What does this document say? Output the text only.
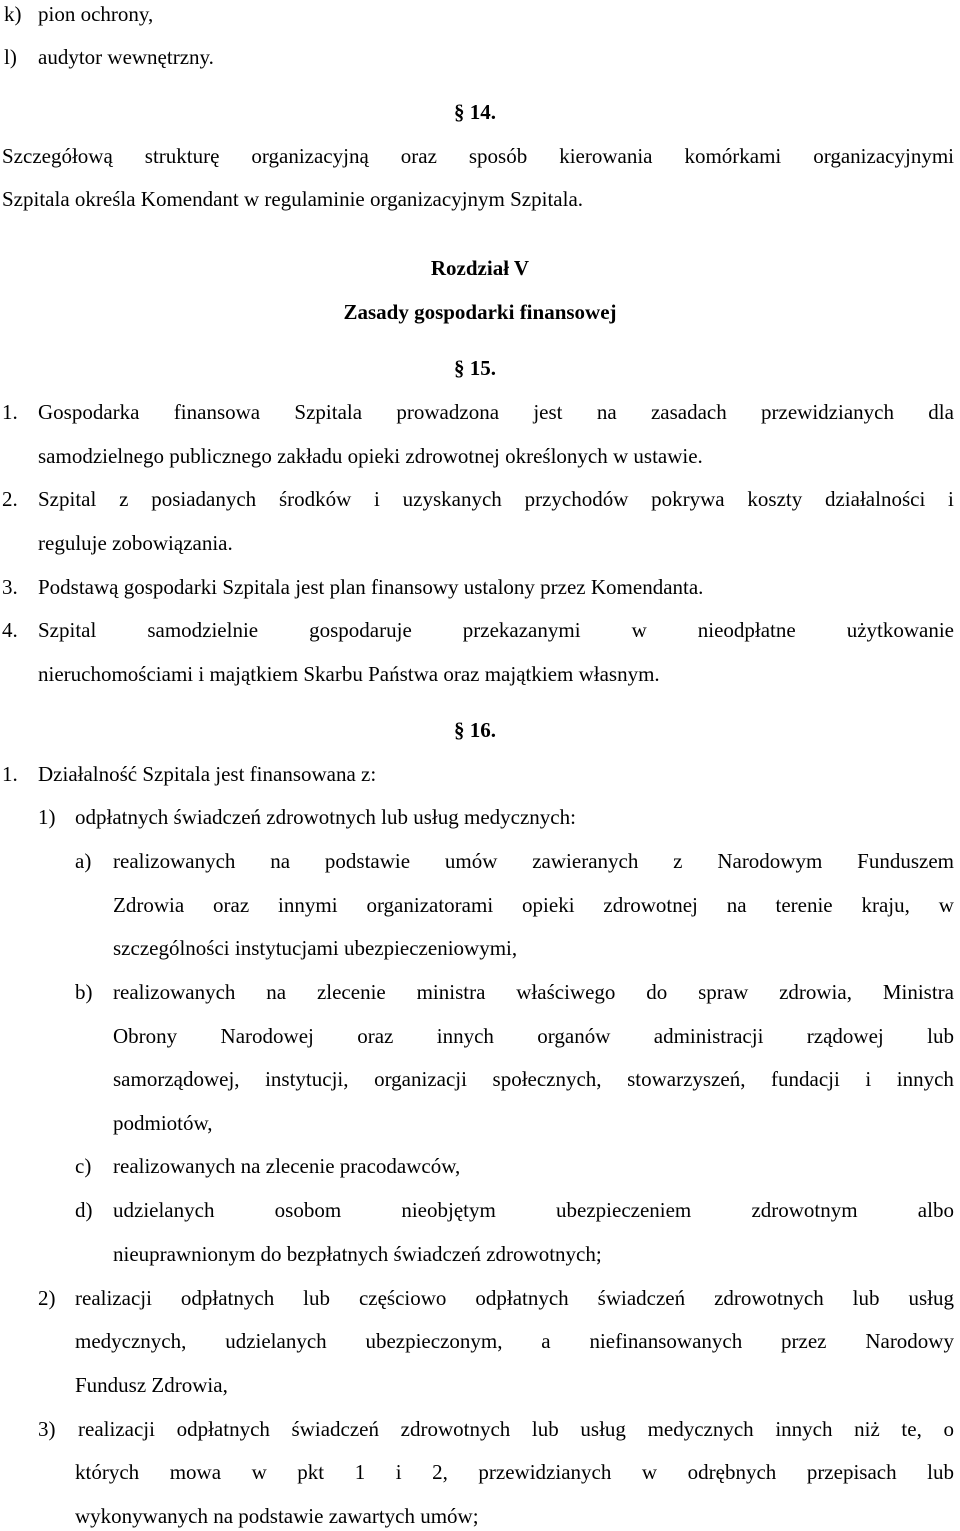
k) pion ochrony,
l) audytor wewnętrzny.
§ 14.
Szczegółową strukturę organizacyjną oraz sposób kierowania komórkami organizacyjnymi
Szpitala określa Komendant w regulaminie organizacyjnym Szpitala.
Rozdział V
Zasady gospodarki finansowej
§ 15.
1. Gospodarka finansowa Szpitala prowadzona jest na zasadach przewidzianych dla
samodzielnego publicznego zakładu opieki zdrowotnej określonych w ustawie.
2. Szpital z posiadanych środków i uzyskanych przychodów pokrywa koszty działalności i
reguluje zobowiązania.
3. Podstawą gospodarki Szpitala jest plan finansowy ustalony przez Komendanta.
4. Szpital samodzielnie gospodaruje przekazanymi w nieodpłatne użytkowanie
nieruchomościami i majątkiem Skarbu Państwa oraz majątkiem własnym.
§ 16.
1. Działalność Szpitala jest finansowana z:
1) odpłatnych świadczeń zdrowotnych lub usług medycznych:
a) realizowanych na podstawie umów zawieranych z Narodowym Funduszem
Zdrowia oraz innymi organizatorami opieki zdrowotnej na terenie kraju, w
szczególności instytucjami ubezpieczeniowymi,
b) realizowanych na zlecenie ministra właściwego do spraw zdrowia, Ministra
Obrony Narodowej oraz innych organów administracji rządowej lub
samorządowej, instytucji, organizacji społecznych, stowarzyszeń, fundacji i innych
podmiotów,
c) realizowanych na zlecenie pracodawców,
d) udzielanych	osobom	nieobjętym	ubezpieczeniem	zdrowotnym	albo
nieuprawnionym do bezpłatnych świadczeń zdrowotnych;
2) realizacji odpłatnych lub częściowo odpłatnych świadczeń zdrowotnych lub usług
medycznych, udzielanych ubezpieczonym, a niefinansowanych przez Narodowy
Fundusz Zdrowia,
3) realizacji odpłatnych świadczeń zdrowotnych lub usług medycznych innych niż te, o
których mowa w pkt 1 i 2, przewidzianych w odrębnych przepisach lub
wykonywanych na podstawie zawartych umów;
